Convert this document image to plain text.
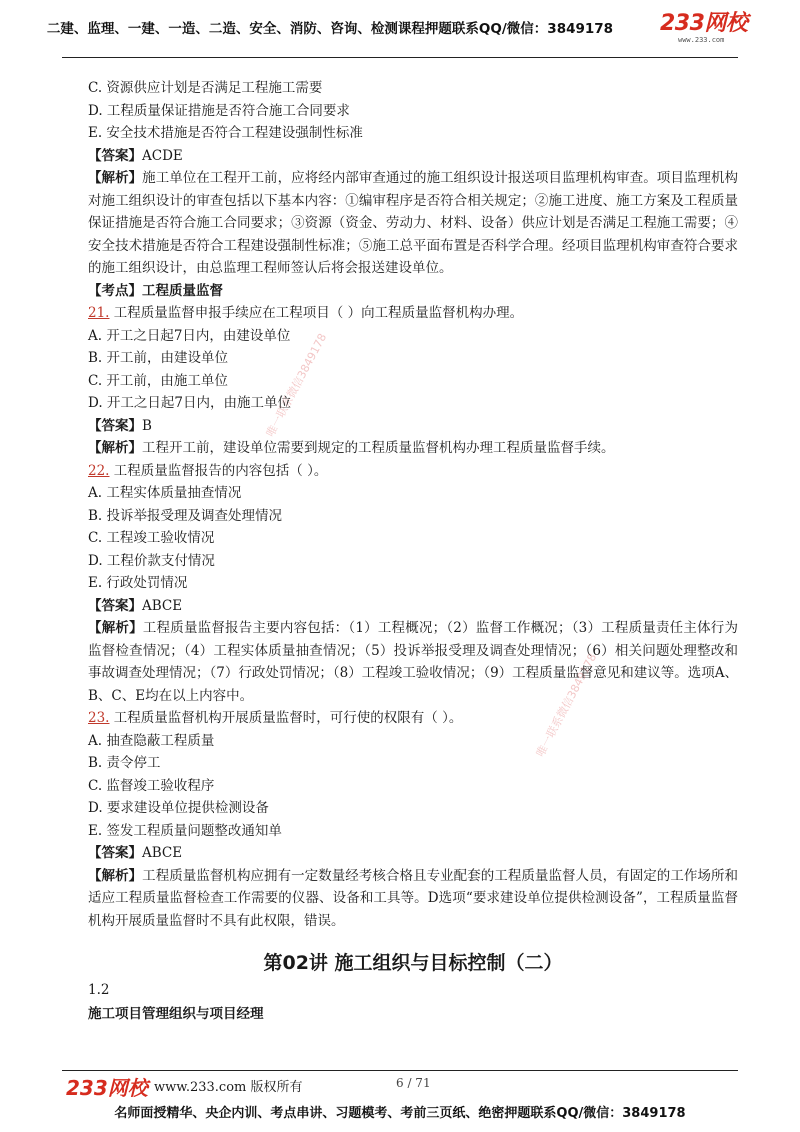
二建、监理、一建、一造、二造、安全、消防、咨询、检测课程押题联系QQ/微信：3849178	233网校
www.233.com
唯一联系微信3849178
唯一联系微信3849178
C. 资源供应计划是否满足工程施工需要
D. 工程质量保证措施是否符合施工合同要求
E. 安全技术措施是否符合工程建设强制性标准
【答案】ACDE
【解析】施工单位在工程开工前，应将经内部审查通过的施工组织设计报送项目监理机构审查。项目监理机构对施工组织设计的审查包括以下基本内容：①编审程序是否符合相关规定；②施工进度、施工方案及工程质量保证措施是否符合施工合同要求；③资源（资金、劳动力、材料、设备）供应计划是否满足工程施工需要；④安全技术措施是否符合工程建设强制性标准；⑤施工总平面布置是否科学合理。经项目监理机构审查符合要求的施工组织设计，由总监理工程师签认后将会报送建设单位。
【考点】工程质量监督
21. 工程质量监督申报手续应在工程项目（ ）向工程质量监督机构办理。
A. 开工之日起7日内，由建设单位
B. 开工前，由建设单位
C. 开工前，由施工单位
D. 开工之日起7日内，由施工单位
【答案】B
【解析】工程开工前，建设单位需要到规定的工程质量监督机构办理工程质量监督手续。
22. 工程质量监督报告的内容包括（ ）。
A. 工程实体质量抽查情况
B. 投诉举报受理及调查处理情况
C. 工程竣工验收情况
D. 工程价款支付情况
E. 行政处罚情况
【答案】ABCE
【解析】工程质量监督报告主要内容包括：（1）工程概况；（2）监督工作概况；（3）工程质量责任主体行为监督检查情况；（4）工程实体质量抽查情况；（5）投诉举报受理及调查处理情况；（6）相关问题处理整改和事故调查处理情况；（7）行政处罚情况；（8）工程竣工验收情况；（9）工程质量监督意见和建议等。选项A、B、C、E均在以上内容中。
23. 工程质量监督机构开展质量监督时，可行使的权限有（ ）。
A. 抽查隐蔽工程质量
B. 责令停工
C. 监督竣工验收程序
D. 要求建设单位提供检测设备
E. 签发工程质量问题整改通知单
【答案】ABCE
【解析】工程质量监督机构应拥有一定数量经考核合格且专业配套的工程质量监督人员，有固定的工作场所和适应工程质量监督检查工作需要的仪器、设备和工具等。D选项“要求建设单位提供检测设备”，工程质量监督机构开展质量监督时不具有此权限，错误。
第02讲 施工组织与目标控制（二）
1.2
施工项目管理组织与项目经理
233网校 www.233.com 版权所有	6 / 71
名师面授精华、央企内训、考点串讲、习题模考、考前三页纸、绝密押题联系QQ/微信：3849178
